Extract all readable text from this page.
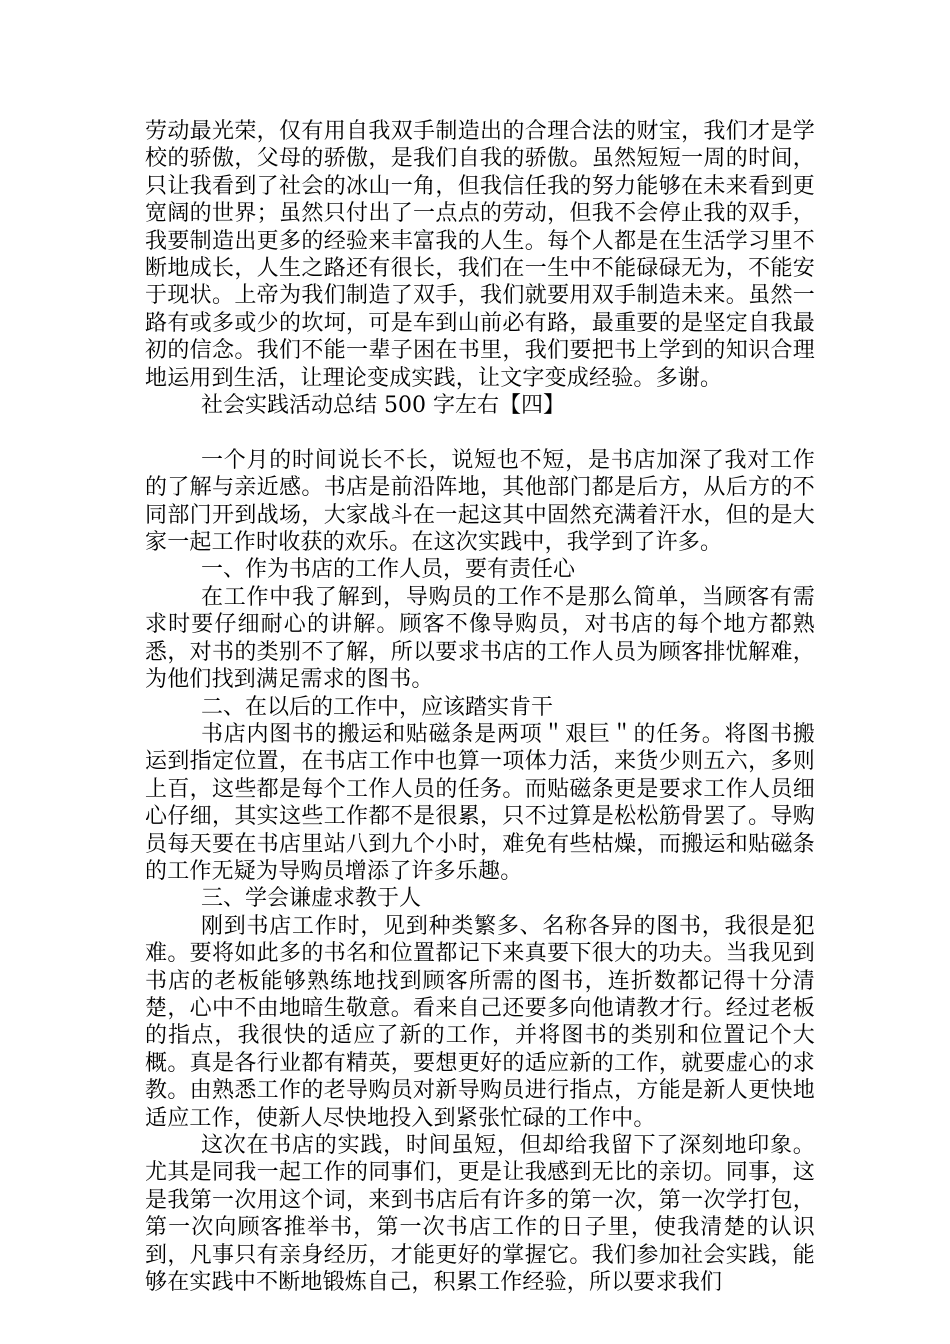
劳动最光荣，仅有用自我双手制造出的合理合法的财宝，我们才是学校的骄傲，父母的骄傲，是我们自我的骄傲。虽然短短一周的时间，只让我看到了社会的冰山一角，但我信任我的努力能够在未来看到更宽阔的世界；虽然只付出了一点点的劳动，但我不会停止我的双手，我要制造出更多的经验来丰富我的人生。每个人都是在生活学习里不断地成长，人生之路还有很长，我们在一生中不能碌碌无为，不能安于现状。上帝为我们制造了双手，我们就要用双手制造未来。虽然一路有或多或少的坎坷，可是车到山前必有路，最重要的是坚定自我最初的信念。我们不能一辈子困在书里，我们要把书上学到的知识合理地运用到生活，让理论变成实践，让文字变成经验。多谢。

社会实践活动总结 500 字左右【四】

一个月的时间说长不长，说短也不短，是书店加深了我对工作的了解与亲近感。书店是前沿阵地，其他部门都是后方，从后方的不同部门开到战场，大家战斗在一起这其中固然充满着汗水，但的是大家一起工作时收获的欢乐。在这次实践中，我学到了许多。

一、作为书店的工作人员，要有责任心

在工作中我了解到，导购员的工作不是那么简单，当顾客有需求时要仔细耐心的讲解。顾客不像导购员，对书店的每个地方都熟悉，对书的类别不了解，所以要求书店的工作人员为顾客排忧解难，为他们找到满足需求的图书。

二、在以后的工作中，应该踏实肯干

书店内图书的搬运和贴磁条是两项＂艰巨＂的任务。将图书搬运到指定位置，在书店工作中也算一项体力活，来货少则五六，多则上百，这些都是每个工作人员的任务。而贴磁条更是要求工作人员细心仔细，其实这些工作都不是很累，只不过算是松松筋骨罢了。导购员每天要在书店里站八到九个小时，难免有些枯燥，而搬运和贴磁条的工作无疑为导购员增添了许多乐趣。

三、学会谦虚求教于人

刚到书店工作时，见到种类繁多、名称各异的图书，我很是犯难。要将如此多的书名和位置都记下来真要下很大的功夫。当我见到书店的老板能够熟练地找到顾客所需的图书，连折数都记得十分清楚，心中不由地暗生敬意。看来自己还要多向他请教才行。经过老板的指点，我很快的适应了新的工作，并将图书的类别和位置记个大概。真是各行业都有精英，要想更好的适应新的工作，就要虚心的求教。由熟悉工作的老导购员对新导购员进行指点，方能是新人更快地适应工作，使新人尽快地投入到紧张忙碌的工作中。

这次在书店的实践，时间虽短，但却给我留下了深刻地印象。尤其是同我一起工作的同事们，更是让我感到无比的亲切。同事，这是我第一次用这个词，来到书店后有许多的第一次，第一次学打包，第一次向顾客推举书，第一次书店工作的日子里，使我清楚的认识到，凡事只有亲身经历，才能更好的掌握它。我们参加社会实践，能够在实践中不断地锻炼自己，积累工作经验，所以要求我们
